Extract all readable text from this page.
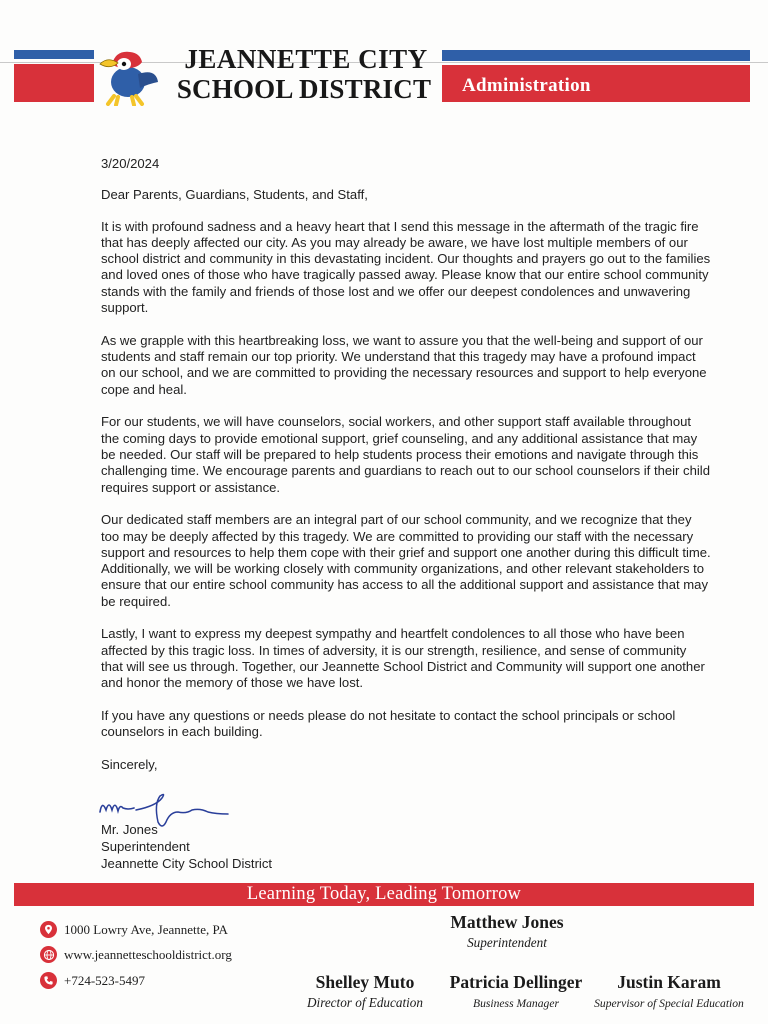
JEANNETTE CITY
SCHOOL DISTRICT	Administration
3/20/2024
Dear Parents, Guardians, Students, and Staff,

It is with profound sadness and a heavy heart that I send this message in the aftermath of the tragic fire that has deeply affected our city. As you may already be aware, we have lost multiple members of our school district and community in this devastating incident. Our thoughts and prayers go out to the families and loved ones of those who have tragically passed away. Please know that our entire school community stands with the family and friends of those lost and we offer our deepest condolences and unwavering support.

As we grapple with this heartbreaking loss, we want to assure you that the well-being and support of our students and staff remain our top priority. We understand that this tragedy may have a profound impact on our school, and we are committed to providing the necessary resources and support to help everyone cope and heal.

For our students, we will have counselors, social workers, and other support staff available throughout the coming days to provide emotional support, grief counseling, and any additional assistance that may be needed. Our staff will be prepared to help students process their emotions and navigate through this challenging time. We encourage parents and guardians to reach out to our school counselors if their child requires support or assistance.

Our dedicated staff members are an integral part of our school community, and we recognize that they too may be deeply affected by this tragedy. We are committed to providing our staff with the necessary support and resources to help them cope with their grief and support one another during this difficult time. Additionally, we will be working closely with community organizations, and other relevant stakeholders to ensure that our entire school community has access to all the additional support and assistance that may be required.

Lastly, I want to express my deepest sympathy and heartfelt condolences to all those who have been affected by this tragic loss. In times of adversity, it is our strength, resilience, and sense of community that will see us through. Together, our Jeannette School District and Community will support one another and honor the memory of those we have lost.

If you have any questions or needs please do not hesitate to contact the school principals or school counselors in each building.

Sincerely,
Mr. Jones
Superintendent
Jeannette City School District
Learning Today, Leading Tomorrow
1000 Lowry Ave, Jeannette, PA
www.jeannetteschooldistrict.org
+724-523-5497
Matthew Jones
Superintendent
Shelley Muto
Director of Education
Patricia Dellinger
Business Manager
Justin Karam
Supervisor of Special Education
